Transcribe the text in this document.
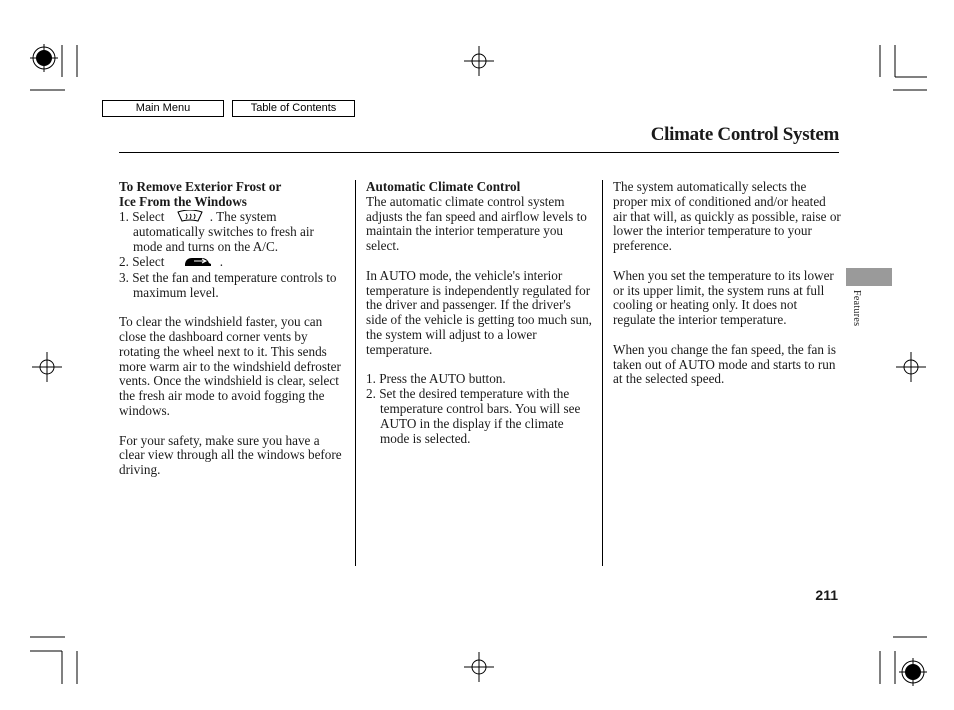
Main Menu	Table of Contents
Climate Control System

To Remove Exterior Frost or

Ice From the Windows

1. Select	. The system

automatically switches to fresh air

mode and turns on the A/C.

2. Select	.

3. Set the fan and temperature controls to maximum level.

To clear the windshield faster, you can close the dashboard corner vents by rotating the wheel next to it. This sends more warm air to the windshield defroster vents. Once the windshield is clear, select the fresh air mode to avoid fogging the windows.

For your safety, make sure you have a clear view through all the windows before driving.

Automatic Climate Control

The automatic climate control system adjusts the fan speed and airflow levels to maintain the interior temperature you select.

In AUTO mode, the vehicle's interior temperature is independently regulated for the driver and passenger. If the driver's side of the vehicle is getting too much sun, the system will adjust to a lower temperature.

1. Press the AUTO button.

2. Set the desired temperature with the temperature control bars. You will see AUTO in the display if the climate mode is selected.

The system automatically selects the proper mix of conditioned and/or heated air that will, as quickly as possible, raise or lower the interior temperature to your preference.

When you set the temperature to its lower or its upper limit, the system runs at full cooling or heating only. It does not regulate the interior temperature.

When you change the fan speed, the fan is taken out of AUTO mode and starts to run at the selected speed.

Features
211
